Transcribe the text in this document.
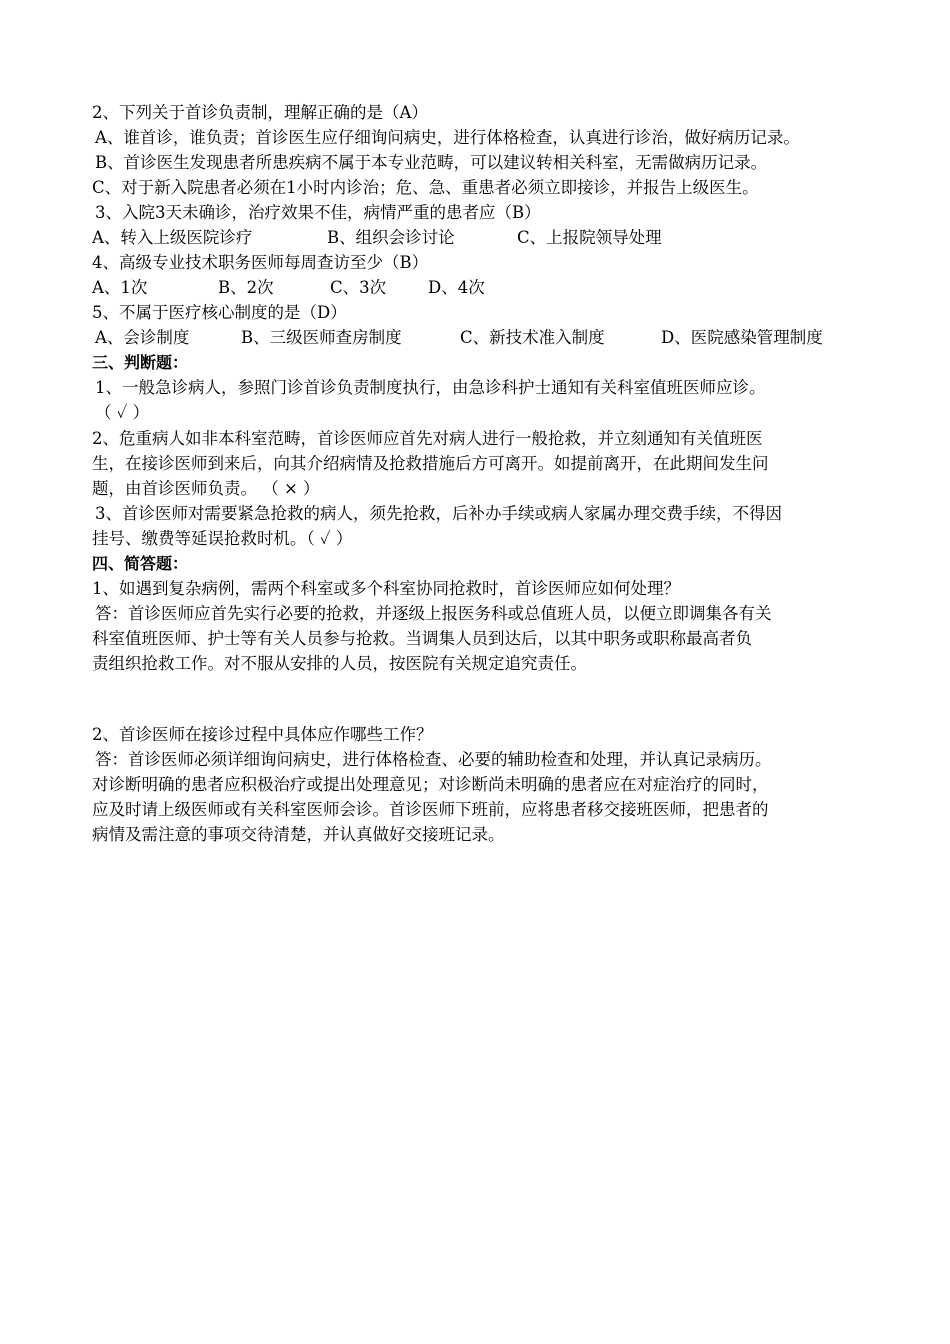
2、下列关于首诊负责制，理解正确的是（A）
A、谁首诊，谁负责；首诊医生应仔细询问病史，进行体格检查，认真进行诊治，做好病历记录。
B、首诊医生发现患者所患疾病不属于本专业范畴，可以建议转相关科室，无需做病历记录。
C、对于新入院患者必须在1小时内诊治；危、急、重患者必须立即接诊，并报告上级医生。
3、入院3天未确诊，治疗效果不佳，病情严重的患者应（B）
A、转入上级医院诊疗	B、组织会诊讨论	C、上报院领导处理
4、高级专业技术职务医师每周查访至少（B）
A、1次	B、2次	C、3次	D、4次
5、不属于医疗核心制度的是（D）
A、会诊制度	B、三级医师查房制度	C、新技术准入制度	D、医院感染管理制度
三、判断题：
1、一般急诊病人，参照门诊首诊负责制度执行，由急诊科护士通知有关科室值班医师应诊。
（ ✓ ）
2、危重病人如非本科室范畴，首诊医师应首先对病人进行一般抢救，并立刻通知有关值班医
生，在接诊医师到来后，向其介绍病情及抢救措施后方可离开。如提前离开，在此期间发生问
题，由首诊医师负责。 （ × ）
3、首诊医师对需要紧急抢救的病人，须先抢救，后补办手续或病人家属办理交费手续，不得因
挂号、缴费等延误抢救时机。（ ✓ ）
四、简答题：
1、如遇到复杂病例，需两个科室或多个科室协同抢救时，首诊医师应如何处理？
答：首诊医师应首先实行必要的抢救，并逐级上报医务科或总值班人员，以便立即调集各有关
科室值班医师、护士等有关人员参与抢救。当调集人员到达后，以其中职务或职称最高者负
责组织抢救工作。对不服从安排的人员，按医院有关规定追究责任。
2、首诊医师在接诊过程中具体应作哪些工作？
答：首诊医师必须详细询问病史，进行体格检查、必要的辅助检查和处理，并认真记录病历。
对诊断明确的患者应积极治疗或提出处理意见；对诊断尚未明确的患者应在对症治疗的同时，
应及时请上级医师或有关科室医师会诊。首诊医师下班前，应将患者移交接班医师，把患者的
病情及需注意的事项交待清楚，并认真做好交接班记录。
